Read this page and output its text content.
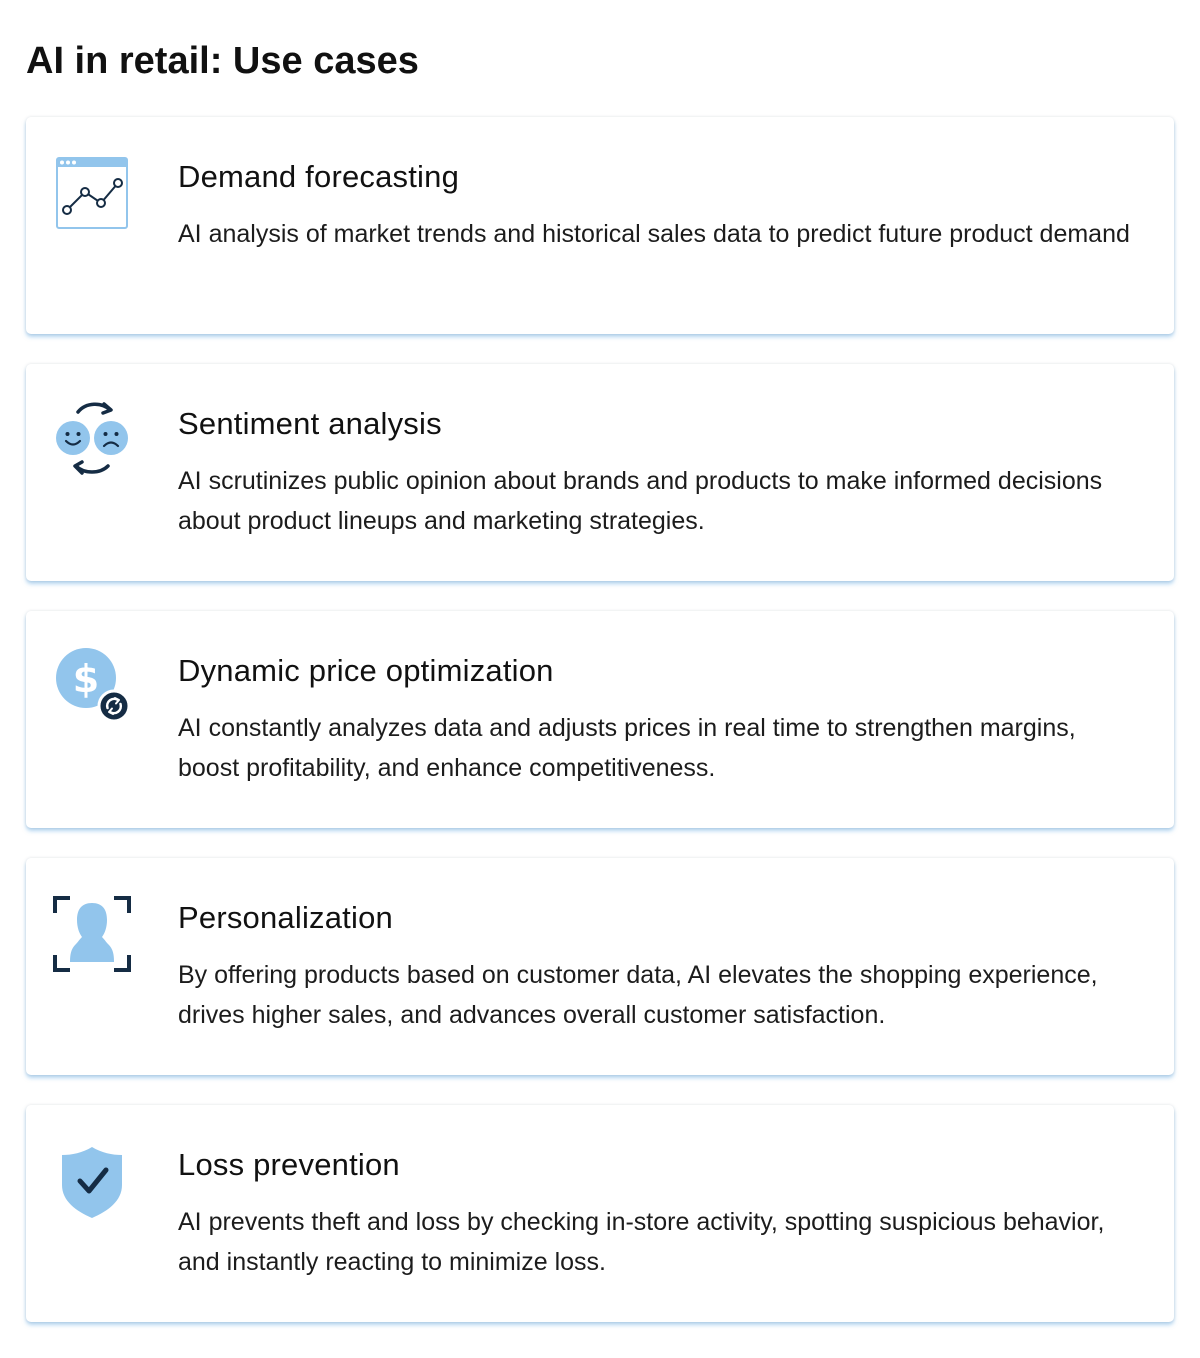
AI in retail: Use cases
Demand forecasting

AI analysis of market trends and historical sales data to predict future product demand

Sentiment analysis

AI scrutinizes public opinion about brands and products to make informed decisions about product lineups and marketing strategies.

$	Dynamic price optimization

AI constantly analyzes data and adjusts prices in real time to strengthen margins, boost profitability, and enhance competitiveness.

Personalization

By offering products based on customer data, AI elevates the shopping experience, drives higher sales, and advances overall customer satisfaction.

Loss prevention

AI prevents theft and loss by checking in-store activity, spotting suspicious behavior, and instantly reacting to minimize loss.
